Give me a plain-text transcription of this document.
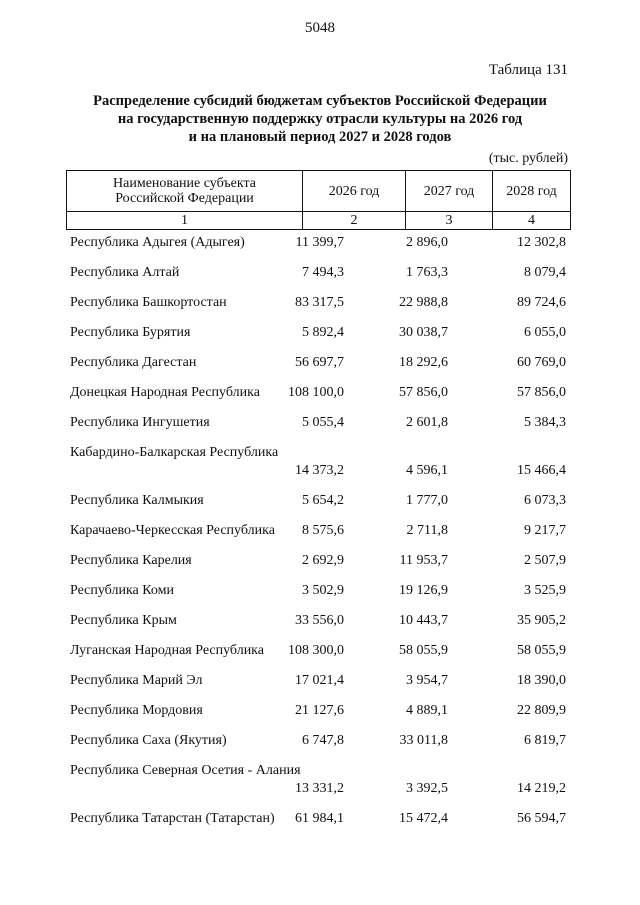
5048
Таблица 131
Распределение субсидий бюджетам субъектов Российской Федерации
на государственную поддержку отрасли культуры на 2026 год
и на плановый период 2027 и 2028 годов
(тыс. рублей)
Наименование субъекта Российской Федерации	2026 год	2027 год	2028 год
1	2	3	4
Республика Адыгея (Адыгея)	11 399,7	2 896,0	12 302,8
Республика Алтай	7 494,3	1 763,3	8 079,4
Республика Башкортостан	83 317,5	22 988,8	89 724,6
Республика Бурятия	5 892,4	30 038,7	6 055,0
Республика Дагестан	56 697,7	18 292,6	60 769,0
Донецкая Народная Республика	108 100,0	57 856,0	57 856,0
Республика Ингушетия	5 055,4	2 601,8	5 384,3
Кабардино-Балкарская Республика
14 373,2	4 596,1	15 466,4
Республика Калмыкия	5 654,2	1 777,0	6 073,3
Карачаево-Черкесская Республика	8 575,6	2 711,8	9 217,7
Республика Карелия	2 692,9	11 953,7	2 507,9
Республика Коми	3 502,9	19 126,9	3 525,9
Республика Крым	33 556,0	10 443,7	35 905,2
Луганская Народная Республика	108 300,0	58 055,9	58 055,9
Республика Марий Эл	17 021,4	3 954,7	18 390,0
Республика Мордовия	21 127,6	4 889,1	22 809,9
Республика Саха (Якутия)	6 747,8	33 011,8	6 819,7
Республика Северная Осетия - Алания
13 331,2	3 392,5	14 219,2
Республика Татарстан (Татарстан)	61 984,1	15 472,4	56 594,7
